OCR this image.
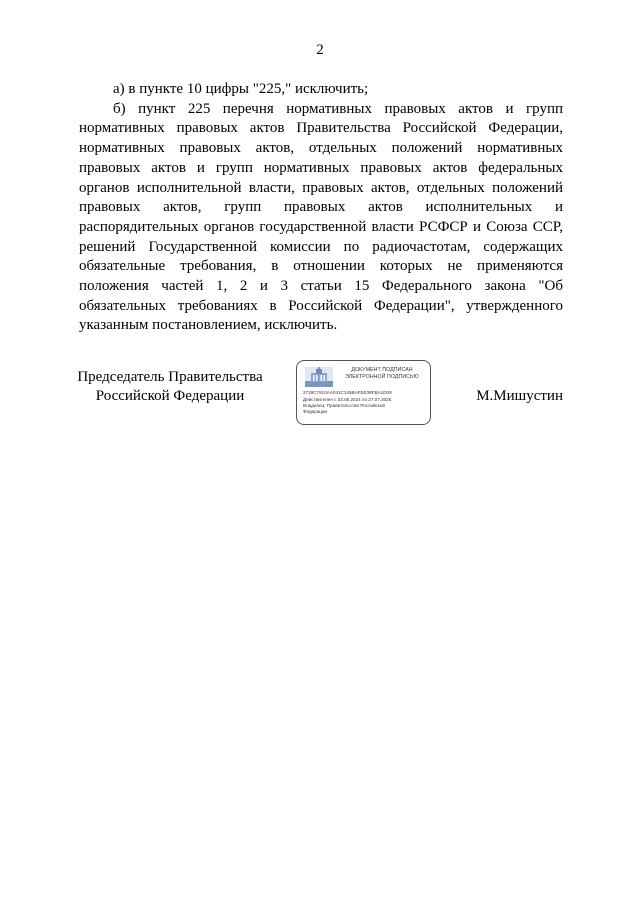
2

а) в пункте 10 цифры "225," исключить;

б) пункт 225 перечня нормативных правовых актов и групп нормативных правовых актов Правительства Российской Федерации, нормативных правовых актов, отдельных положений нормативных правовых актов и групп нормативных правовых актов федеральных органов исполнительной власти, правовых актов, отдельных положений правовых актов, групп правовых актов исполнительных и распорядительных органов государственной власти РСФСР и Союза ССР, решений Государственной комиссии по радиочастотам, содержащих обязательные требования, в отношении которых не применяются положения частей 1, 2 и 3 статьи 15 Федерального закона "Об обязательных требованиях в Российской Федерации", утвержденного указанным постановлением, исключить.

Председатель Правительства
Российской Федерации
ДОКУМЕНТ ПОДПИСАН
ЭЛЕКТРОННОЙ ПОДПИСЬЮ
2728C7910AA041C145BAFEE38FBA1D09
Действителен с 03.05.2024 по 27.07.2025
Владелец: Правительство Российской
Федерации
М.Мишустин
